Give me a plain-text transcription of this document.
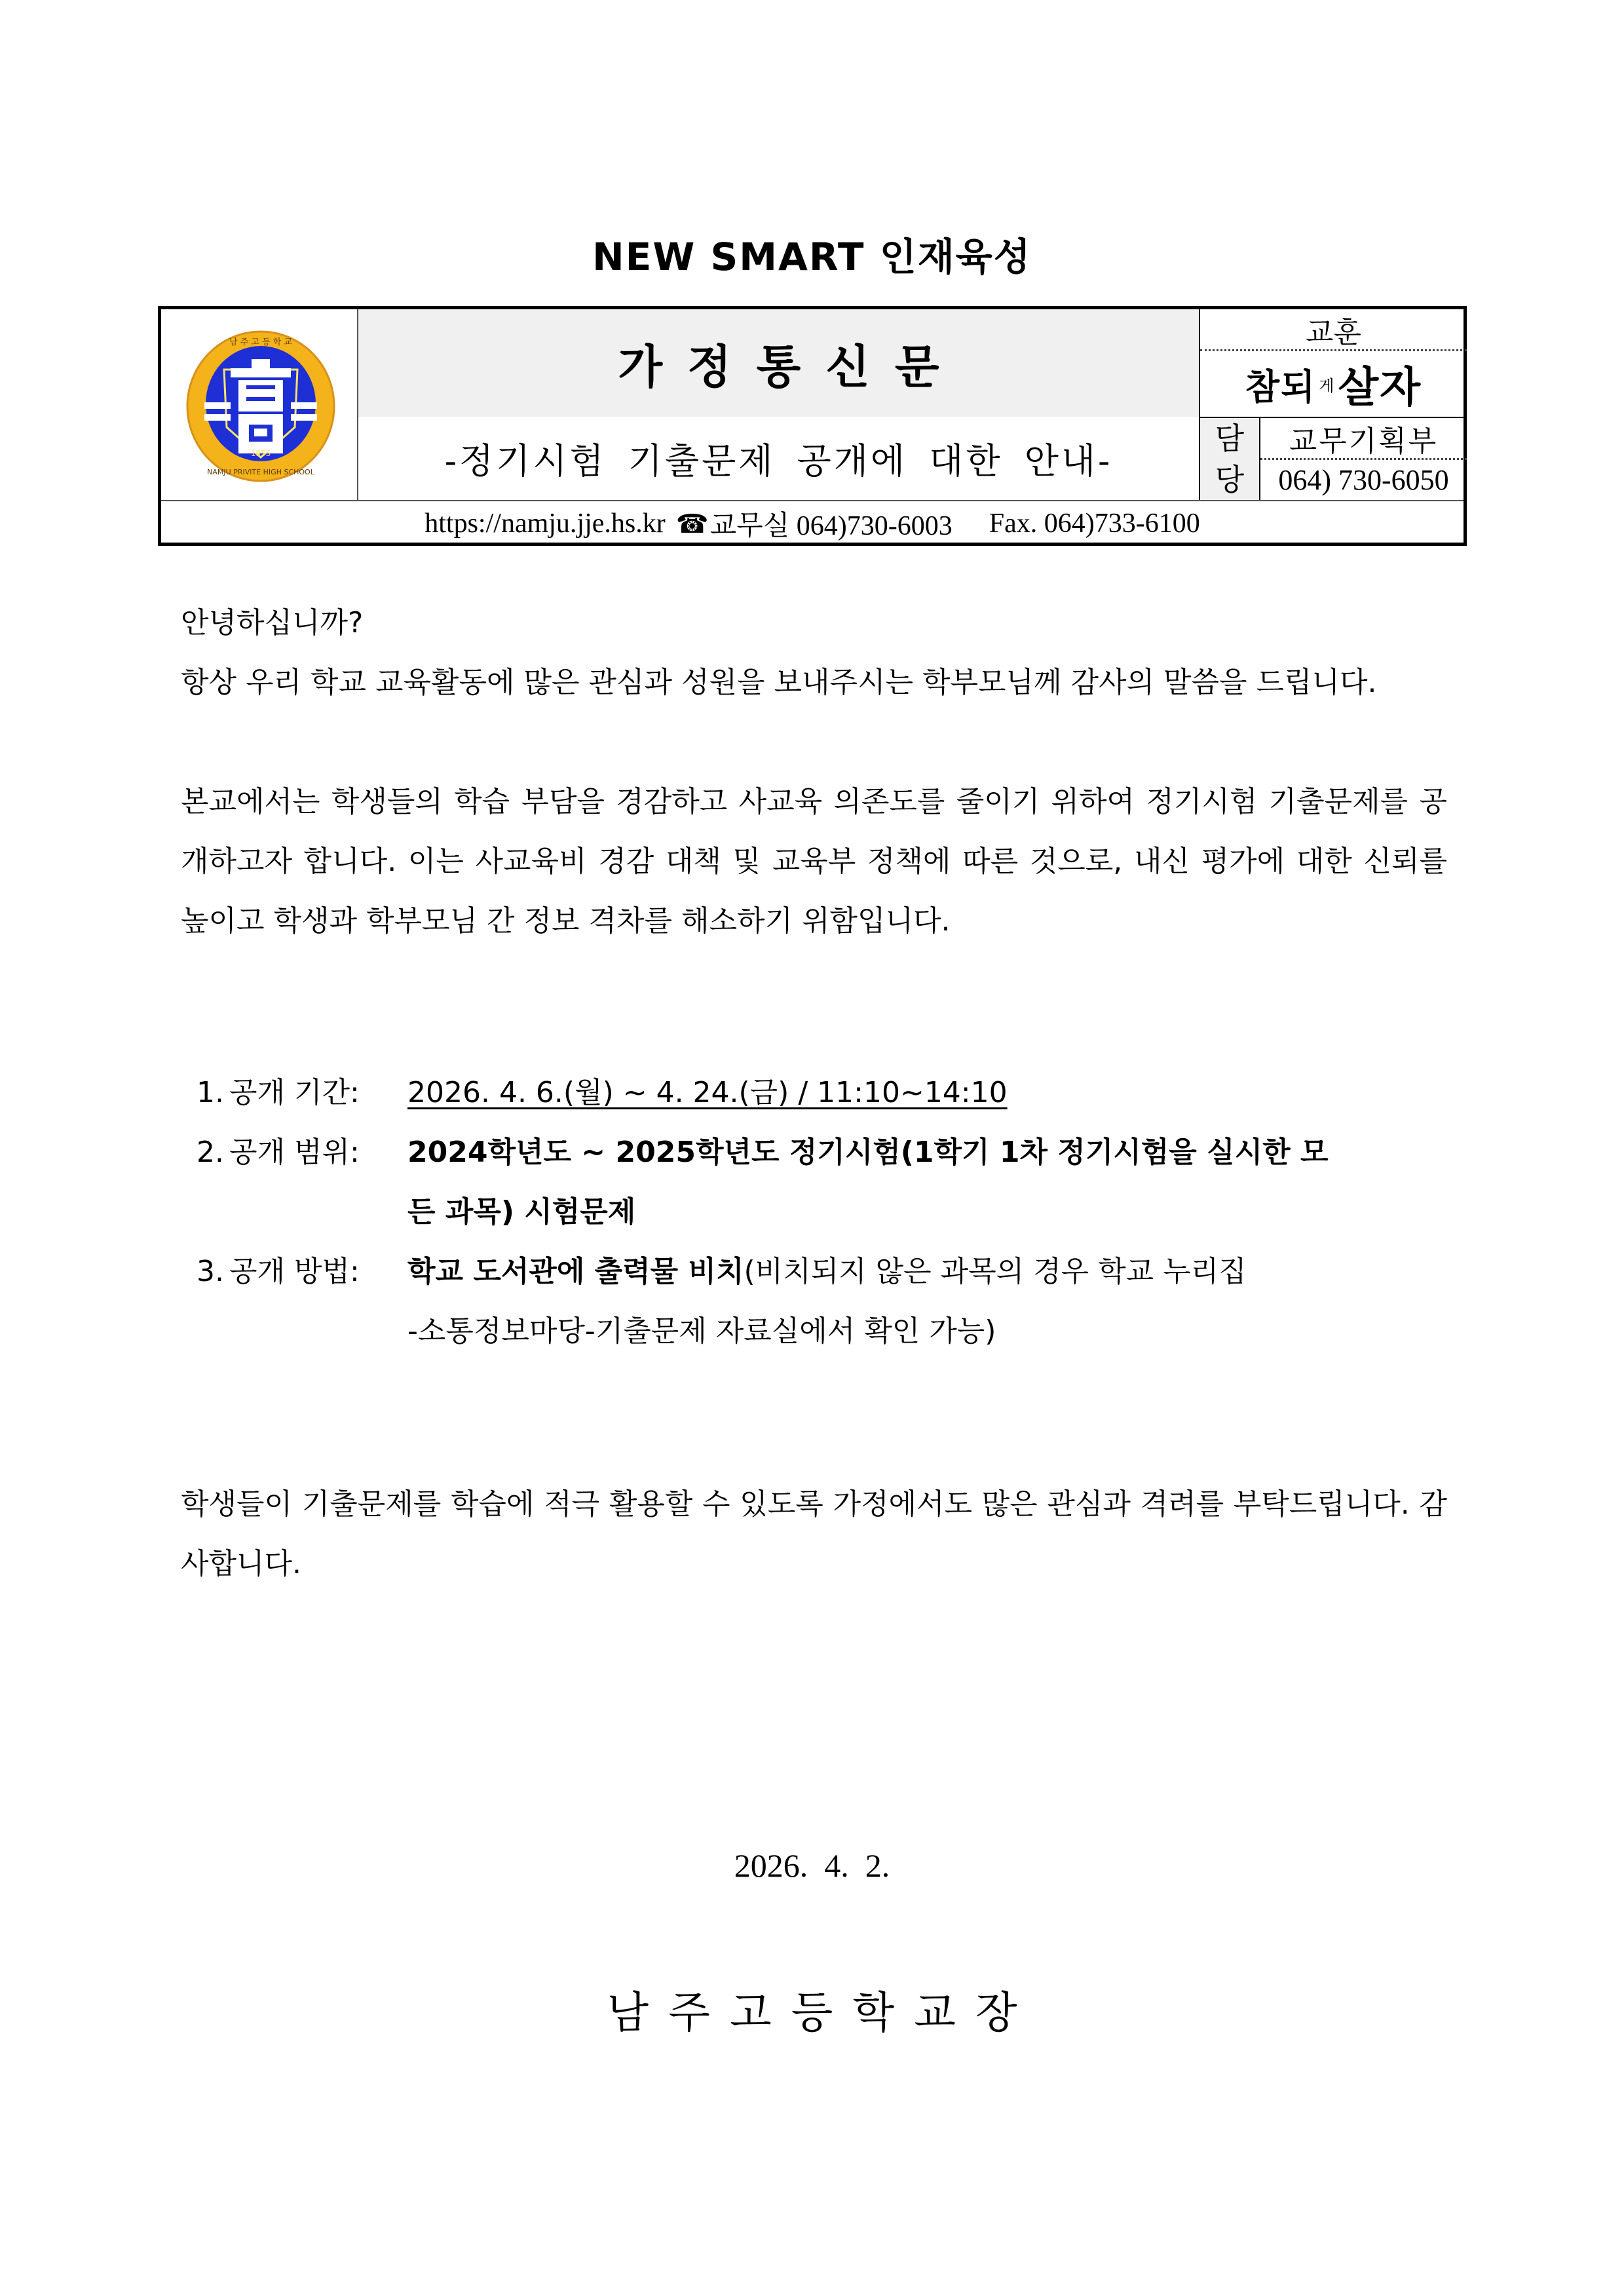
NEW SMART 인재육성
1955
남 주 고 등 학 교
NAMJU PRIVITE HIGH SCHOOL
가정통신문
-정기시험 기출문제 공개에 대한 안내-
교훈
참되 게 살자
담
당
교무기획부
064) 730-6050
https://namju.jje.hs.kr ☎ 교무실 064)730-6003 Fax. 064)733-6100
안녕하십니까?
항상 우리 학교 교육활동에 많은 관심과 성원을 보내주시는 학부모님께 감사의 말씀을 드립니다.
본교에서는 학생들의 학습 부담을 경감하고 사교육 의존도를 줄이기 위하여 정기시험 기출문제를 공개하고자 합니다. 이는 사교육비 경감 대책 및 교육부 정책에 따른 것으로, 내신 평가에 대한 신뢰를 높이고 학생과 학부모님 간 정보 격차를 해소하기 위함입니다.
1. 공개 기간:	2026. 4. 6.(월) ~ 4. 24.(금) / 11:10~14:10
2. 공개 범위:	2024학년도 ~ 2025학년도 정기시험(1학기 1차 정기시험을 실시한 모
든 과목) 시험문제
3. 공개 방법:	학교 도서관에 출력물 비치(비치되지 않은 과목의 경우 학교 누리집
-소통정보마당-기출문제 자료실에서 확인 가능)
학생들이 기출문제를 학습에 적극 활용할 수 있도록 가정에서도 많은 관심과 격려를 부탁드립니다. 감사합니다.
2026.  4.  2.
남주고등학교장
